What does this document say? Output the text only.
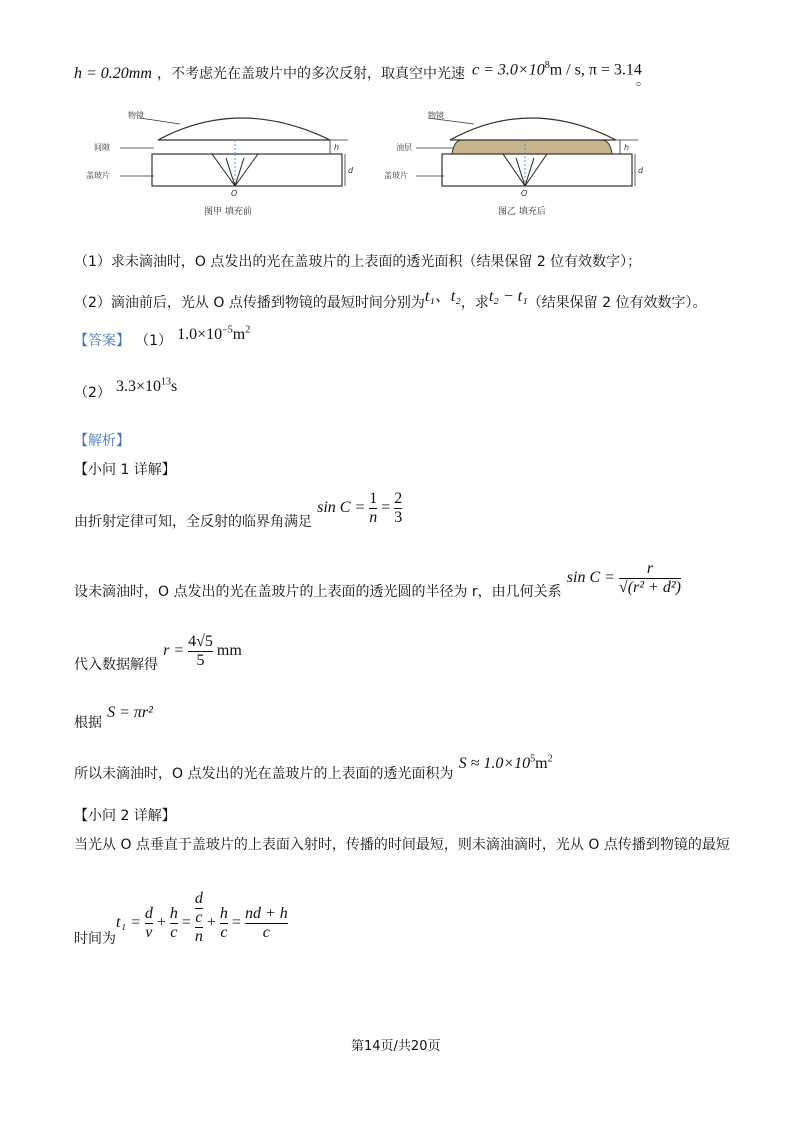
h = 0.20mm ，不考虑光在盖玻片中的多次反射，取真空中光速 $c = 3.0\times 10^8m / s$, π = 3.14
。
物镜
间隙
盖玻片
O
h
d
图甲 填充前
物镜
油层
盖玻片
O
h
d
图乙 填充后
（1）求未滴油时，O 点发出的光在盖玻片的上表面的透光面积（结果保留 2 位有效数字）；
（2）滴油前后，光从 O 点传播到物镜的最短时间分别为t₁、t₂，求t₂ − t₁（结果保留 2 位有效数字）。
【答案】 （1） $1.0\times 10^{-5}m^2$
（2） $3.3\times 10^{13}s$
【解析】
【小问 1 详解】
由折射定律可知，全反射的临界角满足 $\sin C = \frac{1}{n} = \frac{2}{3}$
设未滴油时，O 点发出的光在盖玻片的上表面的透光圆的半径为 r，由几何关系 $\sin C = \frac{r}{\text{√(r² + d²)}}$
代入数据解得 $r = \frac{4√5}{5}$ mm
根据 S = πr²
所以未滴油时，O 点发出的光在盖玻片的上表面的透光面积为 $S \approx 1.0\times 10^5m^2$
【小问 2 详解】
当光从 O 点垂直于盖玻片的上表面入射时，传播的时间最短，则未滴油滴时，光从 O 点传播到物镜的最短
$t_1 = \frac{d}{v} + \frac{h}{c} = d$
c
$n + \frac{h}{c} = \frac{nd + h}{c}$
时间为
第14页/共20页
